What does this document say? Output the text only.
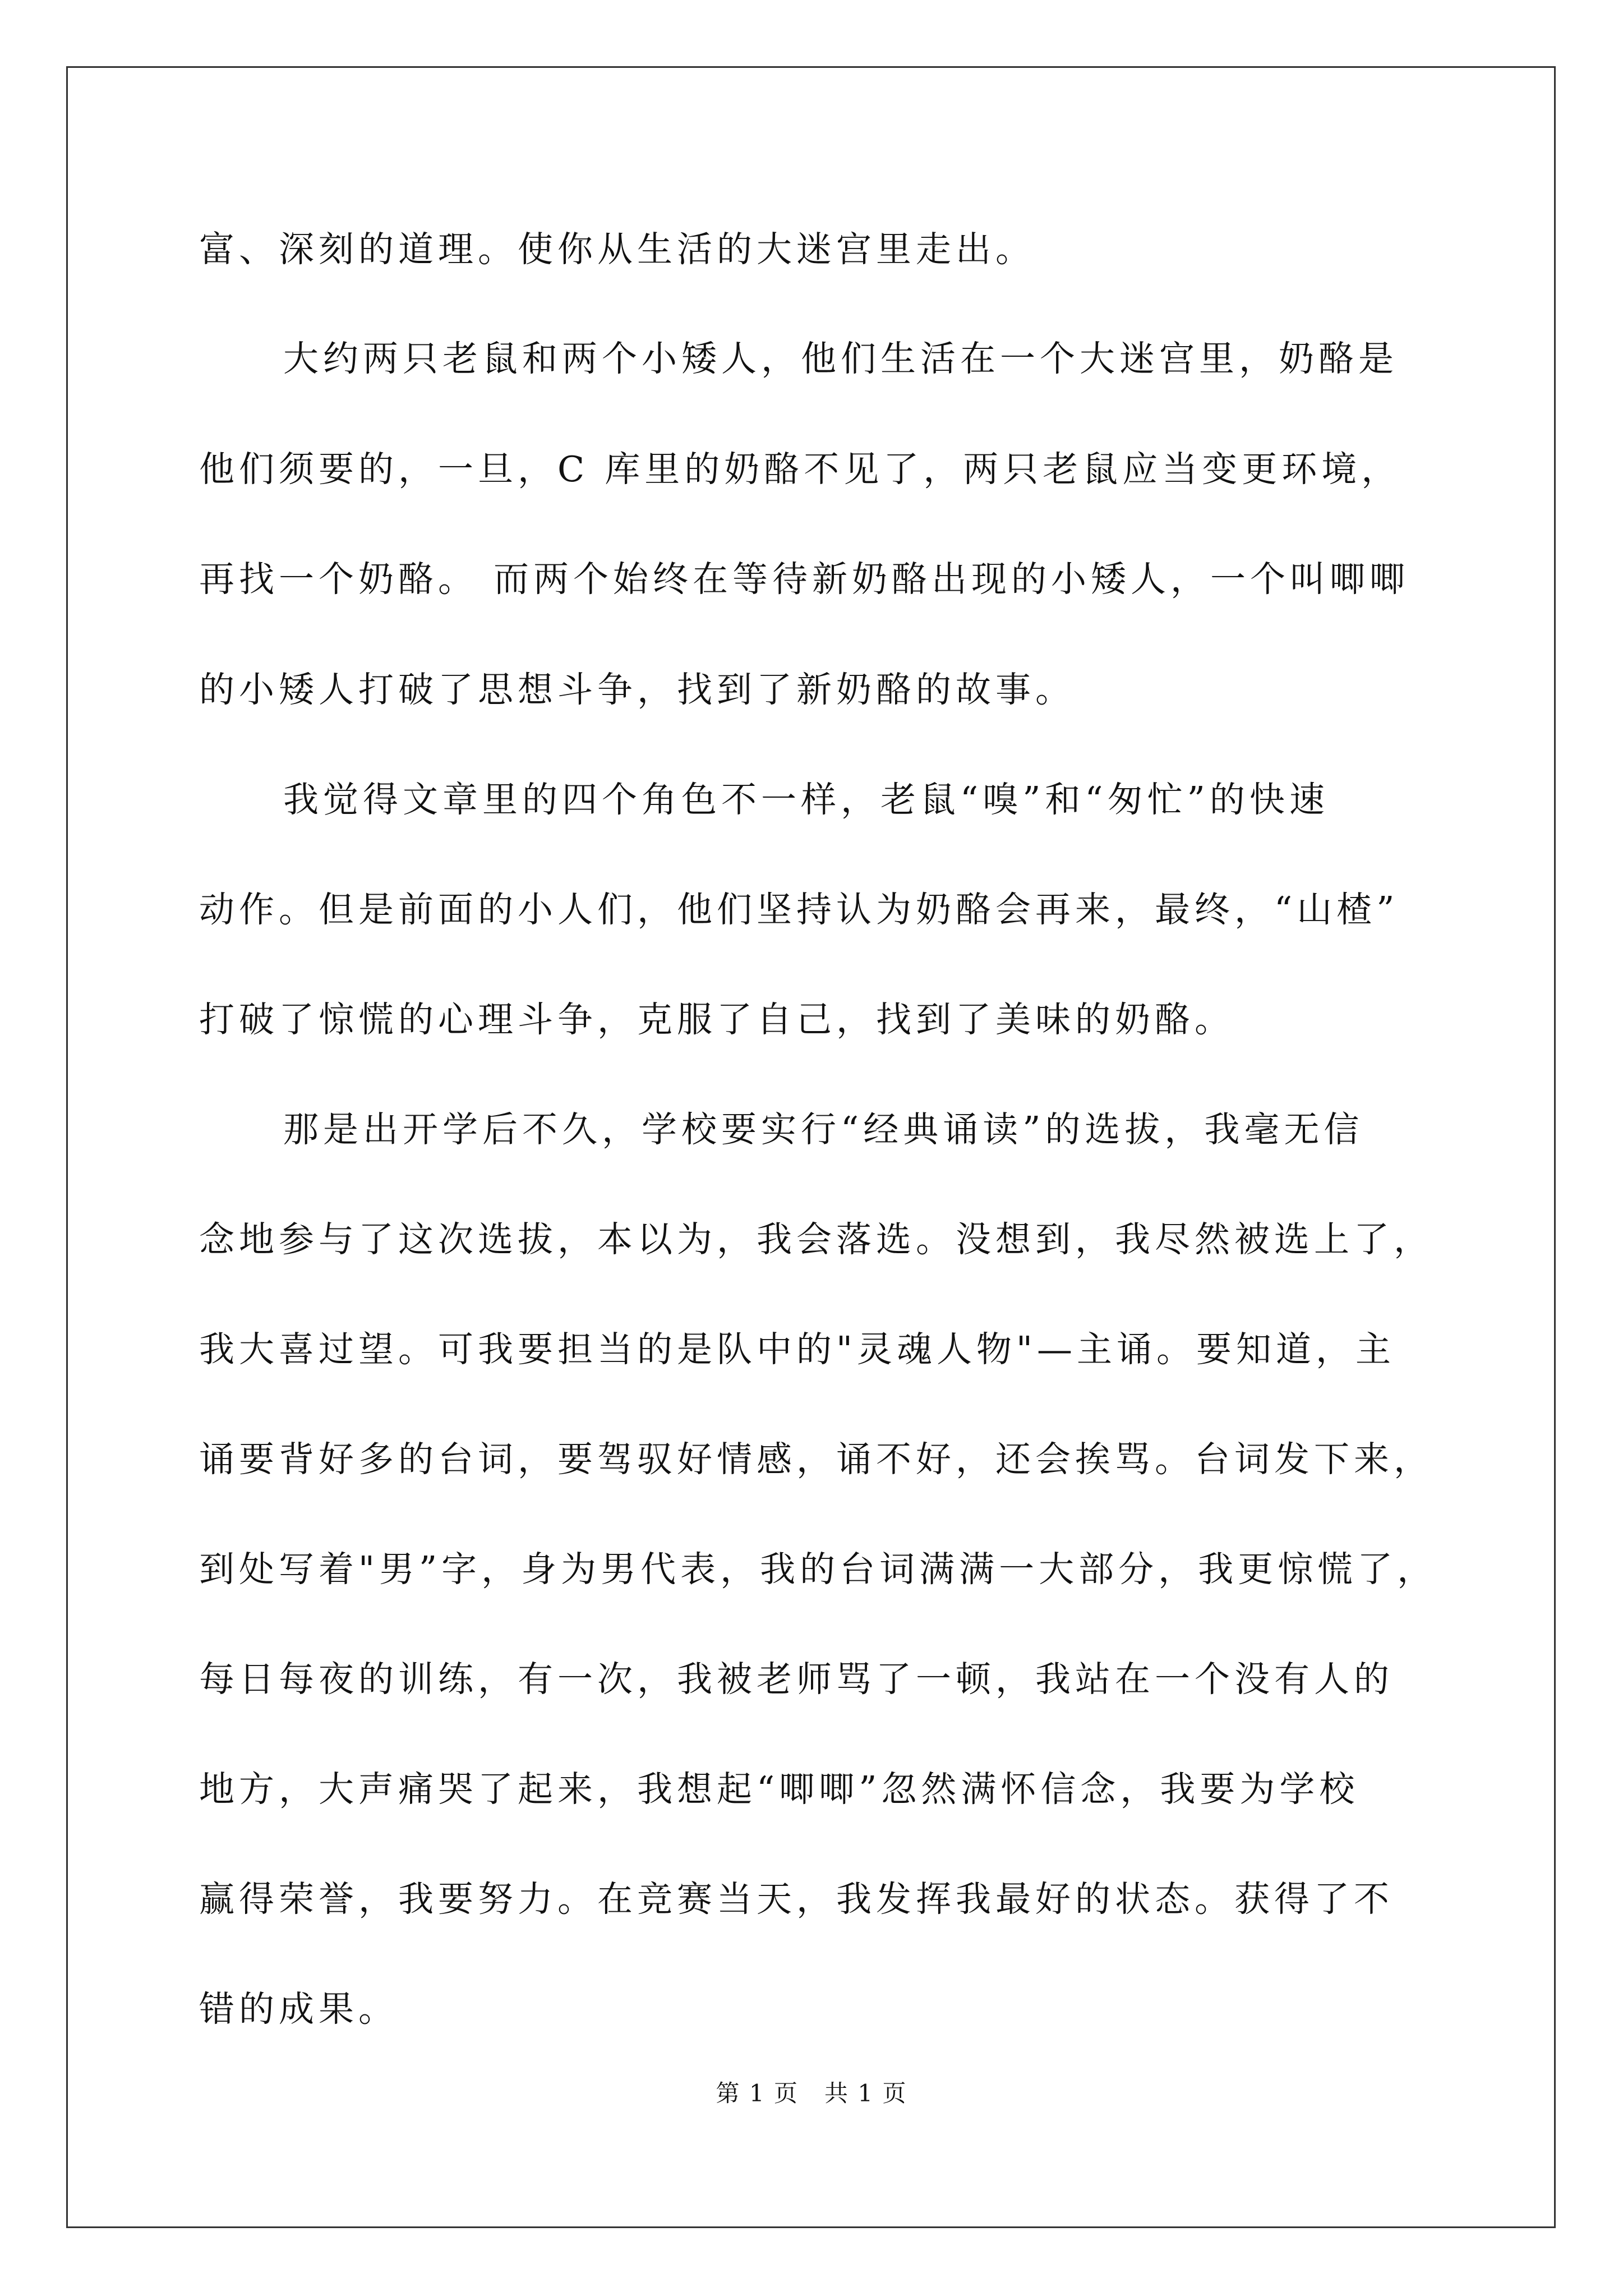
富、深刻的道理。使你从生活的大迷宫里走出。
大约两只老鼠和两个小矮人，他们生活在一个大迷宫里，奶酪是
他们须要的，一旦，C 库里的奶酪不见了，两只老鼠应当变更环境，
再找一个奶酪。 而两个始终在等待新奶酪出现的小矮人，一个叫唧唧
的小矮人打破了思想斗争，找到了新奶酪的故事。
我觉得文章里的四个角色不一样，老鼠“嗅”和“匆忙”的快速
动作。但是前面的小人们，他们坚持认为奶酪会再来，最终，“山楂”
打破了惊慌的心理斗争，克服了自己，找到了美味的奶酪。
那是出开学后不久，学校要实行“经典诵读”的选拔，我毫无信
念地参与了这次选拔，本以为，我会落选。没想到，我尽然被选上了，
我大喜过望。可我要担当的是队中的"灵魂人物"—主诵。要知道，主
诵要背好多的台词，要驾驭好情感，诵不好，还会挨骂。台词发下来，
到处写着"男”字，身为男代表，我的台词满满一大部分，我更惊慌了，
每日每夜的训练，有一次，我被老师骂了一顿，我站在一个没有人的
地方，大声痛哭了起来，我想起“唧唧”忽然满怀信念，我要为学校
赢得荣誉，我要努力。在竞赛当天，我发挥我最好的状态。获得了不
错的成果。
第 1 页   共 1 页
